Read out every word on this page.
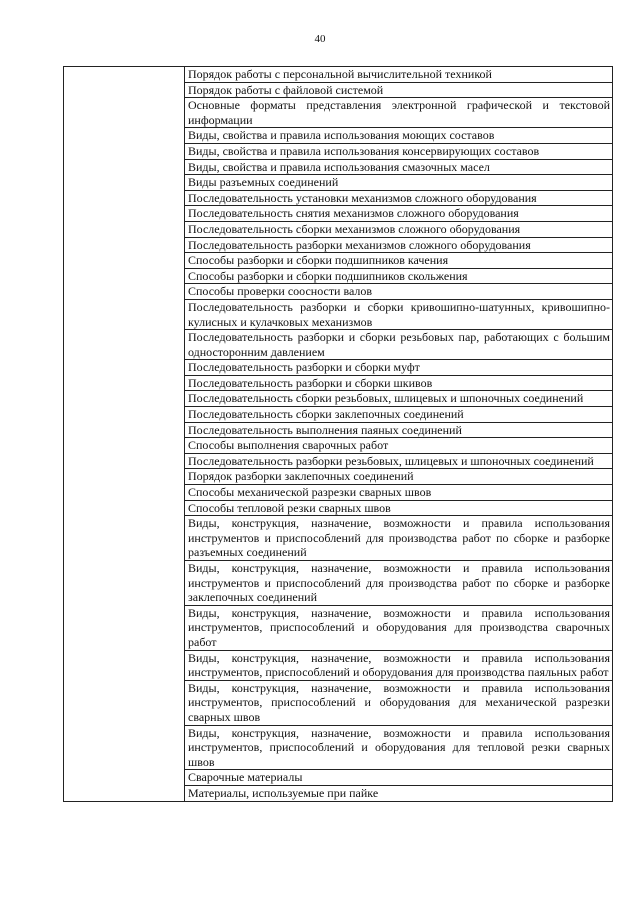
40
	Порядок работы с персональной вычислительной техникой
Порядок работы с файловой системой
Основные форматы представления электронной графической и текстовой информации
Виды, свойства и правила использования моющих составов
Виды, свойства и правила использования консервирующих составов
Виды, свойства и правила использования смазочных масел
Виды разъемных соединений
Последовательность установки механизмов сложного оборудования
Последовательность снятия механизмов сложного оборудования
Последовательность сборки механизмов сложного оборудования
Последовательность разборки механизмов сложного оборудования
Способы разборки и сборки подшипников качения
Способы разборки и сборки подшипников скольжения
Способы проверки соосности валов
Последовательность разборки и сборки кривошипно-шатунных, кривошипно-кулисных и кулачковых механизмов
Последовательность разборки и сборки резьбовых пар, работающих с большим односторонним давлением
Последовательность разборки и сборки муфт
Последовательность разборки и сборки шкивов
Последовательность сборки резьбовых, шлицевых и шпоночных соединений
Последовательность сборки заклепочных соединений
Последовательность выполнения паяных соединений
Способы выполнения сварочных работ
Последовательность разборки резьбовых, шлицевых и шпоночных соединений
Порядок разборки заклепочных соединений
Способы механической разрезки сварных швов
Способы тепловой резки сварных швов
Виды, конструкция, назначение, возможности и правила использования инструментов и приспособлений для производства работ по сборке и разборке разъемных соединений
Виды, конструкция, назначение, возможности и правила использования инструментов и приспособлений для производства работ по сборке и разборке заклепочных соединений
Виды, конструкция, назначение, возможности и правила использования инструментов, приспособлений и оборудования для производства сварочных работ
Виды, конструкция, назначение, возможности и правила использования инструментов, приспособлений и оборудования для производства паяльных работ
Виды, конструкция, назначение, возможности и правила использования инструментов, приспособлений и оборудования для механической разрезки сварных швов
Виды, конструкция, назначение, возможности и правила использования инструментов, приспособлений и оборудования для тепловой резки сварных швов
Сварочные материалы
Материалы, используемые при пайке
